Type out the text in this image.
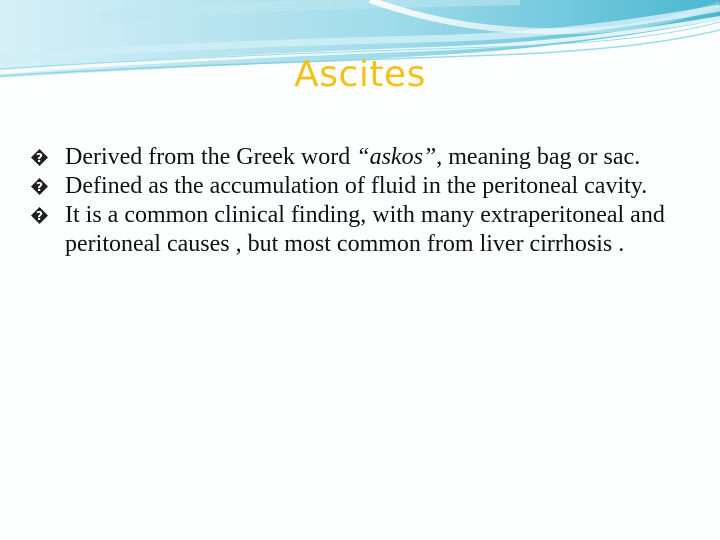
Ascites
? Derived from the Greek word “askos”, meaning bag or sac.
? Defined as the accumulation of fluid in the peritoneal cavity.
? It is a common clinical finding, with many extraperitoneal and peritoneal causes , but most common from liver cirrhosis .
